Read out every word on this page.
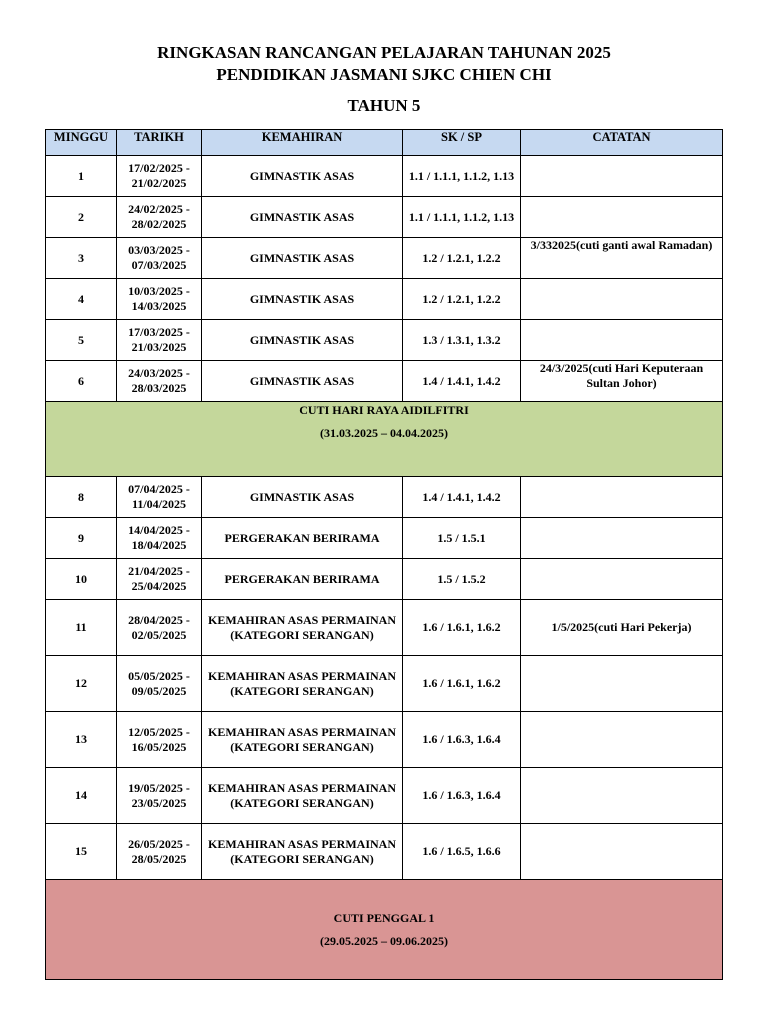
RINGKASAN RANCANGAN PELAJARAN TAHUNAN 2025
PENDIDIKAN JASMANI SJKC CHIEN CHI
TAHUN 5
MINGGU	TARIKH	KEMAHIRAN	SK / SP	CATATAN
1	17/02/2025 - 21/02/2025	GIMNASTIK ASAS	1.1 / 1.1.1, 1.1.2, 1.13	
2	24/02/2025 - 28/02/2025	GIMNASTIK ASAS	1.1 / 1.1.1, 1.1.2, 1.13	
3	03/03/2025 - 07/03/2025	GIMNASTIK ASAS	1.2 / 1.2.1, 1.2.2	3/332025(cuti ganti awal Ramadan)
4	10/03/2025 - 14/03/2025	GIMNASTIK ASAS	1.2 / 1.2.1, 1.2.2	
5	17/03/2025 - 21/03/2025	GIMNASTIK ASAS	1.3 / 1.3.1, 1.3.2	
6	24/03/2025 - 28/03/2025	GIMNASTIK ASAS	1.4 / 1.4.1, 1.4.2	24/3/2025(cuti Hari Keputeraan Sultan Johor)

CUTI HARI RAYA AIDILFITRI
(31.03.2025 – 04.04.2025)				

8	07/04/2025 - 11/04/2025	GIMNASTIK ASAS	1.4 / 1.4.1, 1.4.2	
9	14/04/2025 - 18/04/2025	PERGERAKAN BERIRAMA	1.5 / 1.5.1	
10	21/04/2025 - 25/04/2025	PERGERAKAN BERIRAMA	1.5 / 1.5.2	
11	28/04/2025 - 02/05/2025	KEMAHIRAN ASAS PERMAINAN (KATEGORI SERANGAN)	1.6 / 1.6.1, 1.6.2	1/5/2025(cuti Hari Pekerja)
12	05/05/2025 - 09/05/2025	KEMAHIRAN ASAS PERMAINAN (KATEGORI SERANGAN)	1.6 / 1.6.1, 1.6.2	
13	12/05/2025 - 16/05/2025	KEMAHIRAN ASAS PERMAINAN (KATEGORI SERANGAN)	1.6 / 1.6.3, 1.6.4	
14	19/05/2025 - 23/05/2025	KEMAHIRAN ASAS PERMAINAN (KATEGORI SERANGAN)	1.6 / 1.6.3, 1.6.4	
15	26/05/2025 - 28/05/2025	KEMAHIRAN ASAS PERMAINAN (KATEGORI SERANGAN)	1.6 / 1.6.5, 1.6.6	

CUTI PENGGAL 1
(29.05.2025 – 09.06.2025)				
